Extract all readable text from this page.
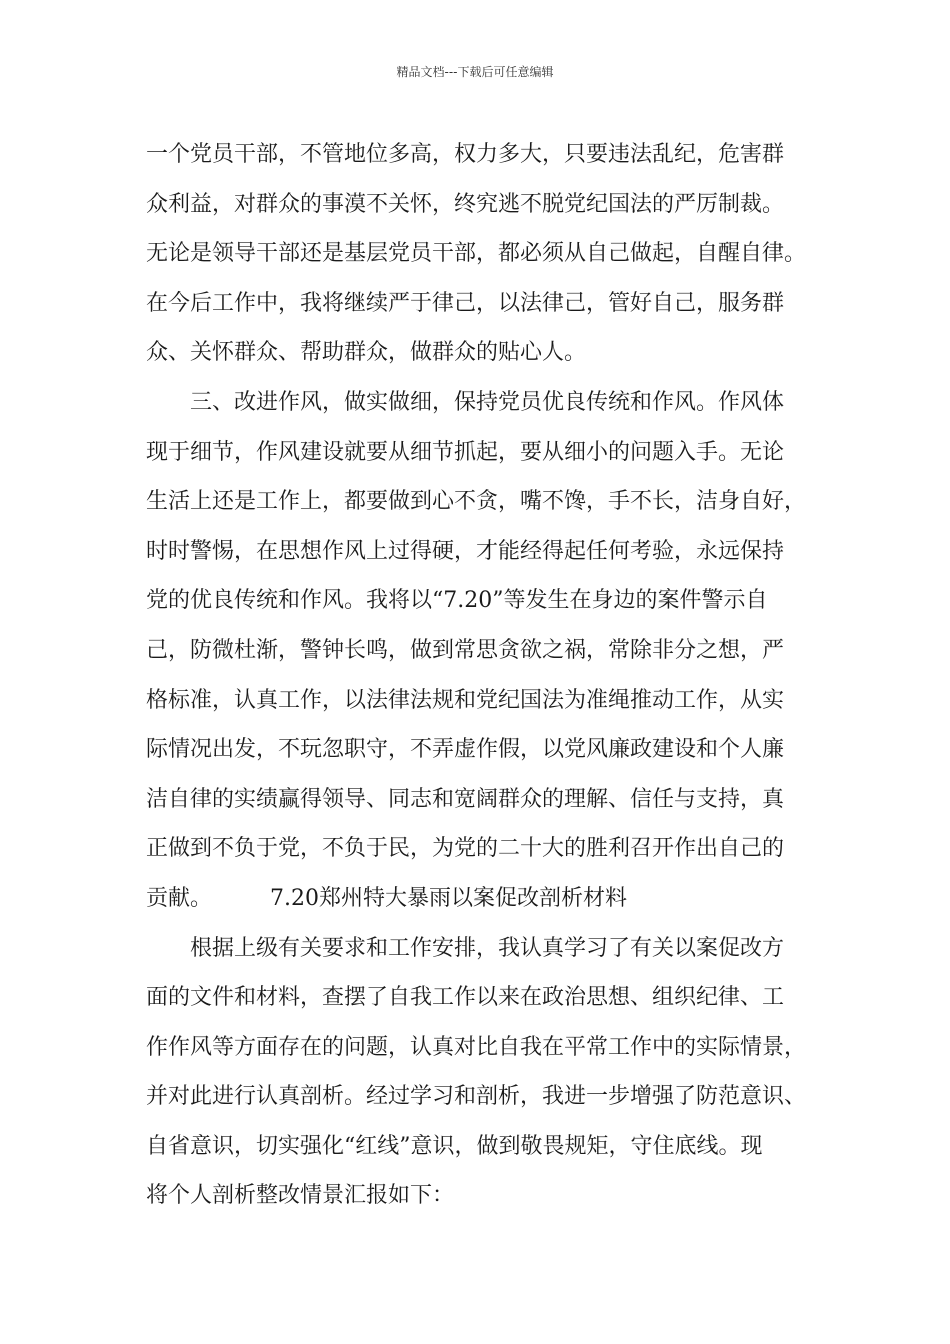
精品文档---下载后可任意编辑
一个党员干部，不管地位多高，权力多大，只要违法乱纪，危害群
众利益，对群众的事漠不关怀，终究逃不脱党纪国法的严厉制裁。
无论是领导干部还是基层党员干部，都必须从自己做起，自醒自律。
在今后工作中，我将继续严于律己，以法律己，管好自己，服务群
众、关怀群众、帮助群众，做群众的贴心人。
三、改进作风，做实做细，保持党员优良传统和作风。作风体
现于细节，作风建设就要从细节抓起，要从细小的问题入手。无论
生活上还是工作上，都要做到心不贪，嘴不馋，手不长，洁身自好，
时时警惕，在思想作风上过得硬，才能经得起任何考验，永远保持
党的优良传统和作风。我将以“7.20”等发生在身边的案件警示自
己，防微杜渐，警钟长鸣，做到常思贪欲之祸，常除非分之想，严
格标准，认真工作，以法律法规和党纪国法为准绳推动工作，从实
际情况出发，不玩忽职守，不弄虚作假，以党风廉政建设和个人廉
洁自律的实绩赢得领导、同志和宽阔群众的理解、信任与支持，真
正做到不负于党，不负于民，为党的二十大的胜利召开作出自己的
贡献。	7.20郑州特大暴雨以案促改剖析材料
根据上级有关要求和工作安排，我认真学习了有关以案促改方
面的文件和材料，查摆了自我工作以来在政治思想、组织纪律、工
作作风等方面存在的问题，认真对比自我在平常工作中的实际情景，
并对此进行认真剖析。经过学习和剖析，我进一步增强了防范意识、
自省意识，切实强化“红线”意识，做到敬畏规矩，守住底线。现
将个人剖析整改情景汇报如下：
